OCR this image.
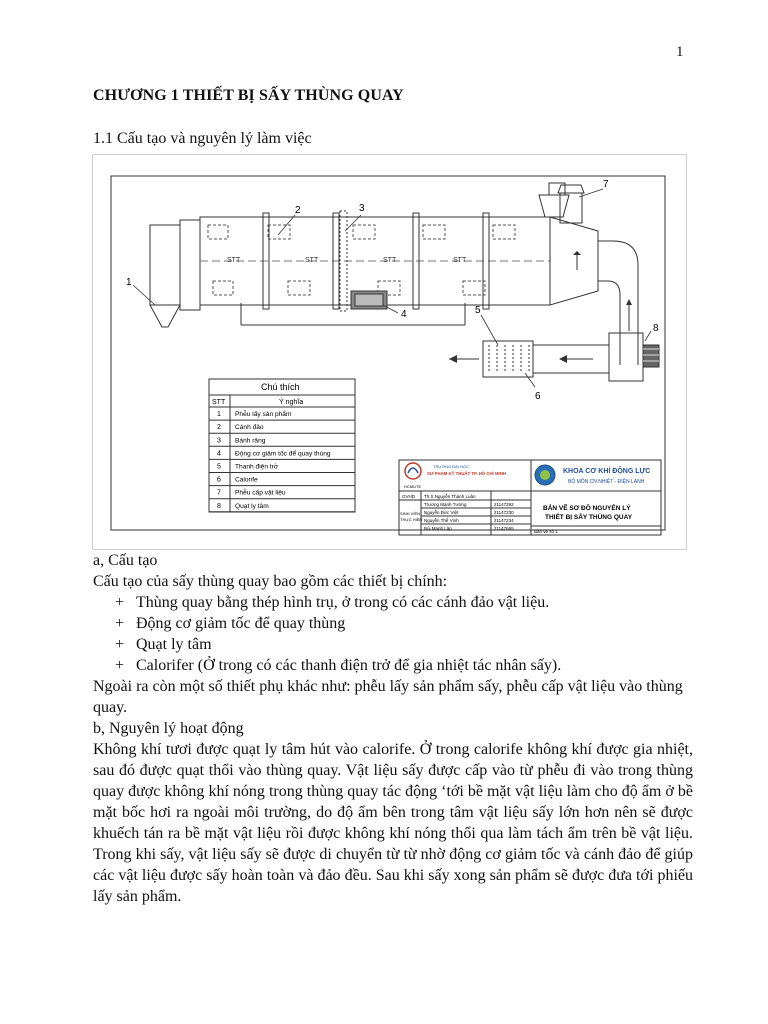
1
CHƯƠNG 1 THIẾT BỊ SẤY THÙNG QUAY
1.1 Cấu tạo và nguyên lý làm việc
STT	STT	STT	STT
1
2	3
4	5
6
7
8
Chú thích
STT	Ý nghĩa
1 Phễu lấy sản phẩm
2 Cánh đảo
3 Bánh răng
4 Động cơ giảm tốc để quay thùng
5 Thanh điện trở
6 Calorife
7 Phễu cấp vật liệu
8 Quạt ly tâm
HCMUTE
TRƯỜNG ĐẠI HỌC
SƯ PHẠM KỸ THUẬT TP. HỒ CHÍ MINH	KHOA CƠ KHÍ ĐỘNG LỰC
BỘ MÔN CN NHIỆT - ĐIỆN LẠNH
GVHD Th.S Nguyễn Thành Luân
SINH VIÊN
THỰC HIỆN
Trương Mạnh Tường	21147292
Nguyễn Đức Việt	21147230
Nguyễn Thế Vinh	21147234
Bùi Mạnh Lập	21147665
BẢN VẼ SƠ ĐỒ NGUYÊN LÝ
THIẾT BỊ SẤY THÙNG QUAY
Bản vẽ số 1

a, Cấu tạo

Cấu tạo của sấy thùng quay bao gồm các thiết bị chính:

+ Thùng quay bằng thép hình trụ, ở trong có các cánh đảo vật liệu.
+ Động cơ giảm tốc để quay thùng
+ Quạt ly tâm
+ Calorifer (Ở trong có các thanh điện trở để gia nhiệt tác nhân sấy).

Ngoài ra còn một số thiết phụ khác như: phễu lấy sản phẩm sấy, phễu cấp vật liệu vào thùng quay.

b, Nguyên lý hoạt động

Không khí tươi được quạt ly tâm hút vào calorife. Ở trong calorife không khí được gia nhiệt, sau đó được quạt thổi vào thùng quay. Vật liệu sấy được cấp vào từ phễu đi vào trong thùng quay được không khí nóng trong thùng quay tác động ‘tới bề mặt vật liệu làm cho độ ẩm ở bề mặt bốc hơi ra ngoài môi trường, do độ ẩm bên trong tâm vật liệu sấy lớn hơn nên sẽ được khuếch tán ra bề mặt vật liệu rồi được không khí nóng thổi qua làm tách ẩm trên bề vật liệu. Trong khi sấy, vật liệu sấy sẽ được di chuyển từ từ nhờ động cơ giảm tốc và cánh đảo để giúp các vật liệu được sấy hoàn toàn và đảo đều. Sau khi sấy xong sản phẩm sẽ được đưa tới phiếu lấy sản phẩm.
